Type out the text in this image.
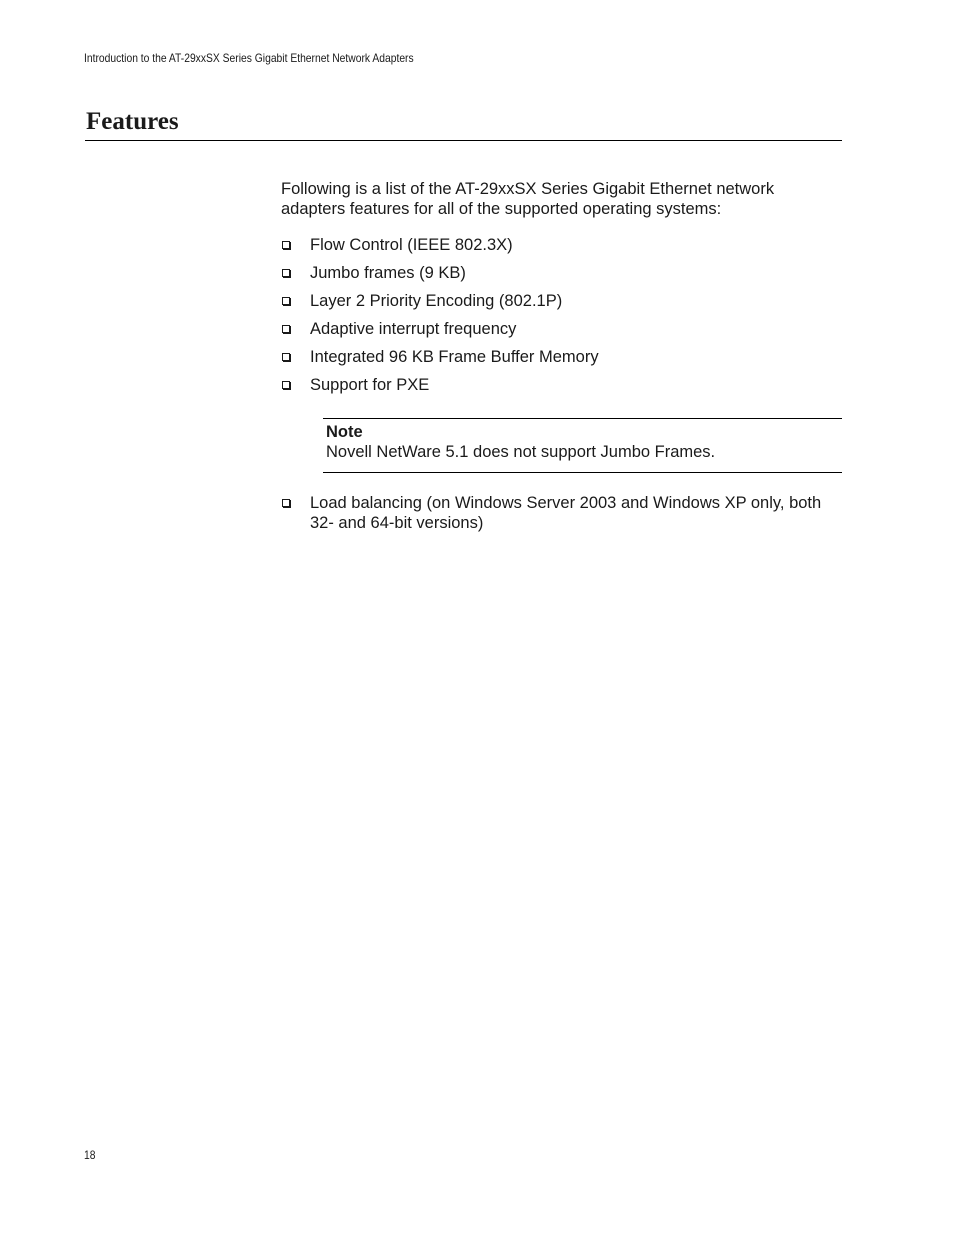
Introduction to the AT-29xxSX Series Gigabit Ethernet Network Adapters
Features

Following is a list of the AT-29xxSX Series Gigabit Ethernet network adapters features for all of the supported operating systems:

Flow Control (IEEE 802.3X)
Jumbo frames (9 KB)
Layer 2 Priority Encoding (802.1P)
Adaptive interrupt frequency
Integrated 96 KB Frame Buffer Memory
Support for PXE
Note
Novell NetWare 5.1 does not support Jumbo Frames.
Load balancing (on Windows Server 2003 and Windows XP only, both 32- and 64-bit versions)
18
